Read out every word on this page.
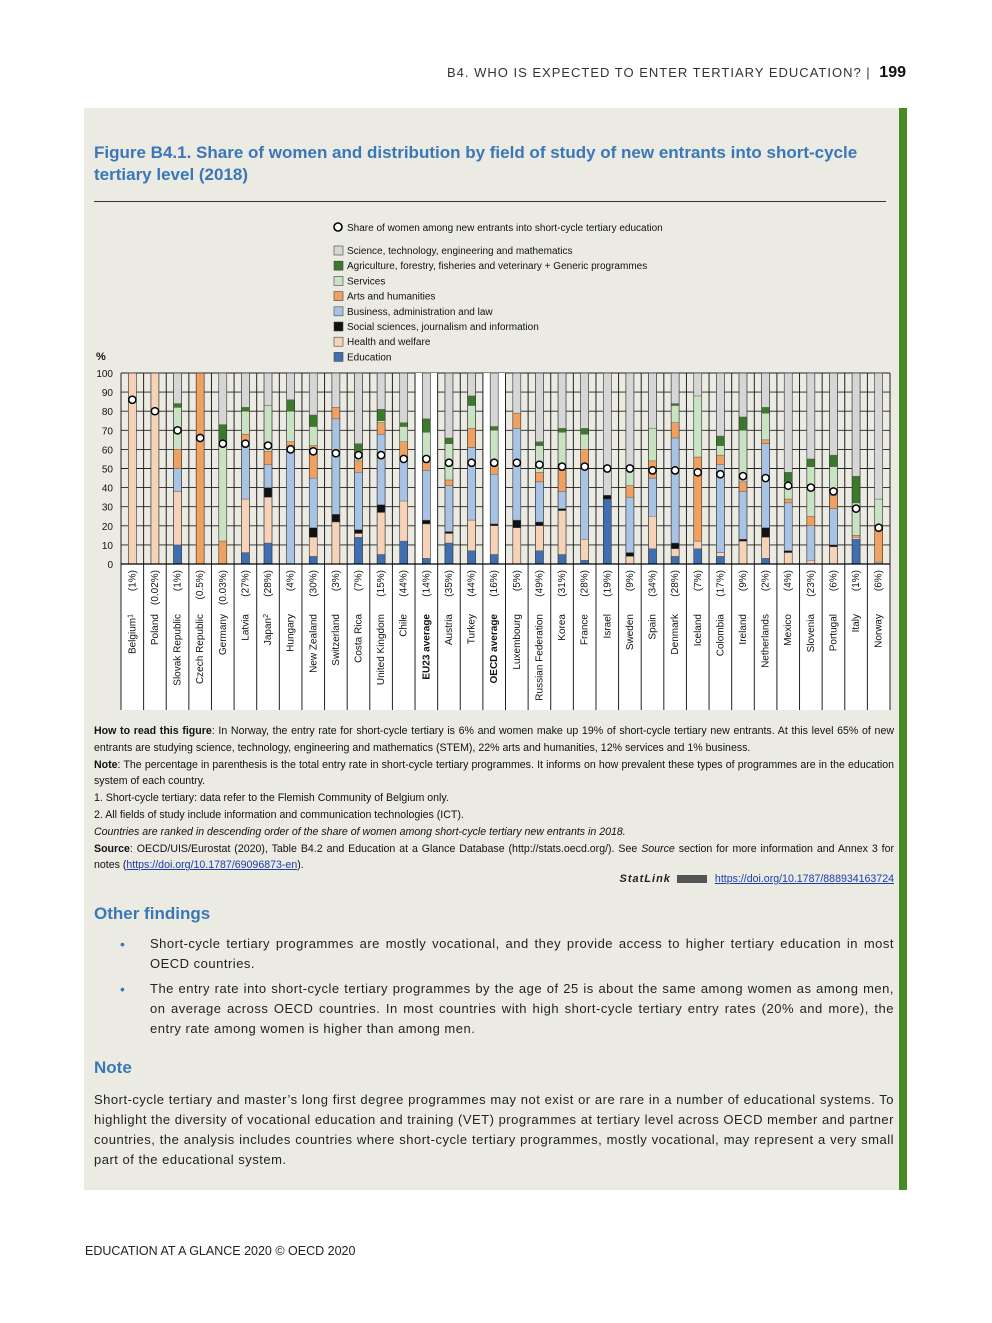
B4. WHO IS EXPECTED TO ENTER TERTIARY EDUCATION? | 199
Figure B4.1. Share of women and distribution by field of study of new entrants into short-cycle tertiary level (2018)
Share of women among new entrants into short-cycle tertiary education
Science, technology, engineering and mathematics
Agriculture, forestry, fisheries and veterinary + Generic programmes
Services
Arts and humanities
Business, administration and law
Social sciences, journalism and information
Health and welfare
Education
%
0
10
20
30
40
50
60
70
80
90
100
(1%)
Belgium$^1$
(0.02%)
Poland
(1%)
Slovak Republic
(0.5%)
Czech Republic
(0.03%)
Germany
(27%)
Latvia
(28%)
Japan$^2$
(4%)
Hungary
(30%)
New Zealand
(3%)
Switzerland
(7%)
Costa Rica
(15%)
United Kingdom
(44%)
Chile
(14%)
EU23 average
(35%)
Austria
(44%)
Turkey
(16%)
OECD average
(5%)
Luxembourg
(49%)
Russian Federation
(31%)
Korea
(28%)
France
(19%)
Israel
(9%)
Sweden
(34%)
Spain
(28%)
Denmark
(7%)
Iceland
(17%)
Colombia
(9%)
Ireland
(2%)
Netherlands
(4%)
Mexico
(23%)
Slovenia
(6%)
Portugal
(1%)
Italy
(6%)
Norway

How to read this figure: In Norway, the entry rate for short-cycle tertiary is 6% and women make up 19% of short-cycle tertiary new entrants. At this level 65% of new entrants are studying science, technology, engineering and mathematics (STEM), 22% arts and humanities, 12% services and 1% business.

Note: The percentage in parenthesis is the total entry rate in short-cycle tertiary programmes. It informs on how prevalent these types of programmes are in the education system of each country.

1. Short-cycle tertiary: data refer to the Flemish Community of Belgium only.

2. All fields of study include information and communication technologies (ICT).

Countries are ranked in descending order of the share of women among short-cycle tertiary new entrants in 2018.

Source: OECD/UIS/Eurostat (2020), Table B4.2 and Education at a Glance Database (http://stats.oecd.org/). See Source section for more information and Annex 3 for notes (https://doi.org/10.1787/69096873-en).

StatLink	https://doi.org/10.1787/888934163724
Other findings
• Short-cycle tertiary programmes are mostly vocational, and they provide access to higher tertiary education in most OECD countries.
• The entry rate into short-cycle tertiary programmes by the age of 25 is about the same among women as among men, on average across OECD countries. In most countries with high short-cycle tertiary entry rates (20% and more), the entry rate among women is higher than among men.
Note
Short-cycle tertiary and master’s long first degree programmes may not exist or are rare in a number of educational systems. To highlight the diversity of vocational education and training (VET) programmes at tertiary level across OECD member and partner countries, the analysis includes countries where short-cycle tertiary programmes, mostly vocational, may represent a very small part of the educational system.
EDUCATION AT A GLANCE 2020 © OECD 2020
